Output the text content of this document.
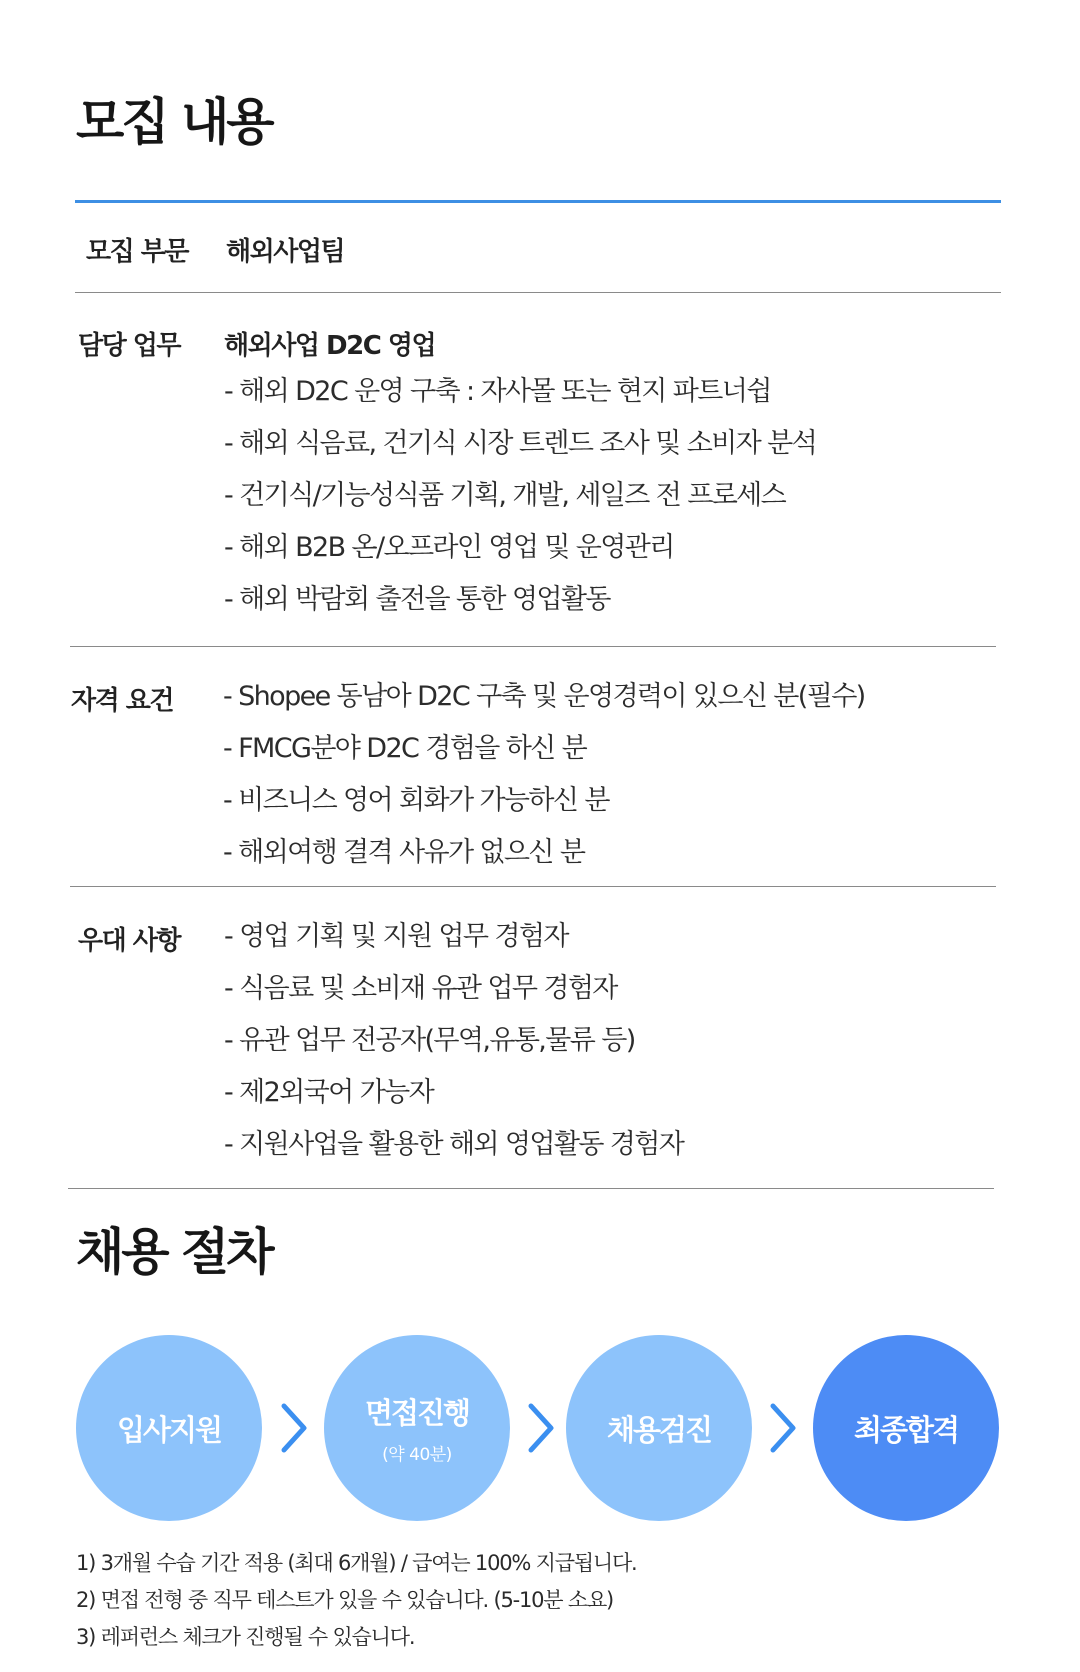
모집 내용
모집 부문 해외사업팀
담당 업무 해외사업 D2C 영업
- 해외 D2C 운영 구축 : 자사몰 또는 현지 파트너쉽
- 해외 식음료, 건기식 시장 트렌드 조사 및 소비자 분석
- 건기식/기능성식품 기획, 개발, 세일즈 전 프로세스
- 해외 B2B 온/오프라인 영업 및 운영관리
- 해외 박람회 출전을 통한 영업활동
자격 요건 - Shopee 동남아 D2C 구축 및 운영경력이 있으신 분(필수)
- FMCG분야 D2C 경험을 하신 분
- 비즈니스 영어 회화가 가능하신 분
- 해외여행 결격 사유가 없으신 분
우대 사항 - 영업 기획 및 지원 업무 경험자
- 식음료 및 소비재 유관 업무 경험자
- 유관 업무 전공자(무역,유통,물류 등)
- 제2외국어 가능자
- 지원사업을 활용한 해외 영업활동 경험자
채용 절차
입사지원	면접진행
(약 40분)
채용검진	최종합격
1) 3개월 수습 기간 적용 (최대 6개월) / 급여는 100% 지급됩니다.
2) 면접 전형 중 직무 테스트가 있을 수 있습니다. (5-10분 소요)
3) 레퍼런스 체크가 진행될 수 있습니다.
